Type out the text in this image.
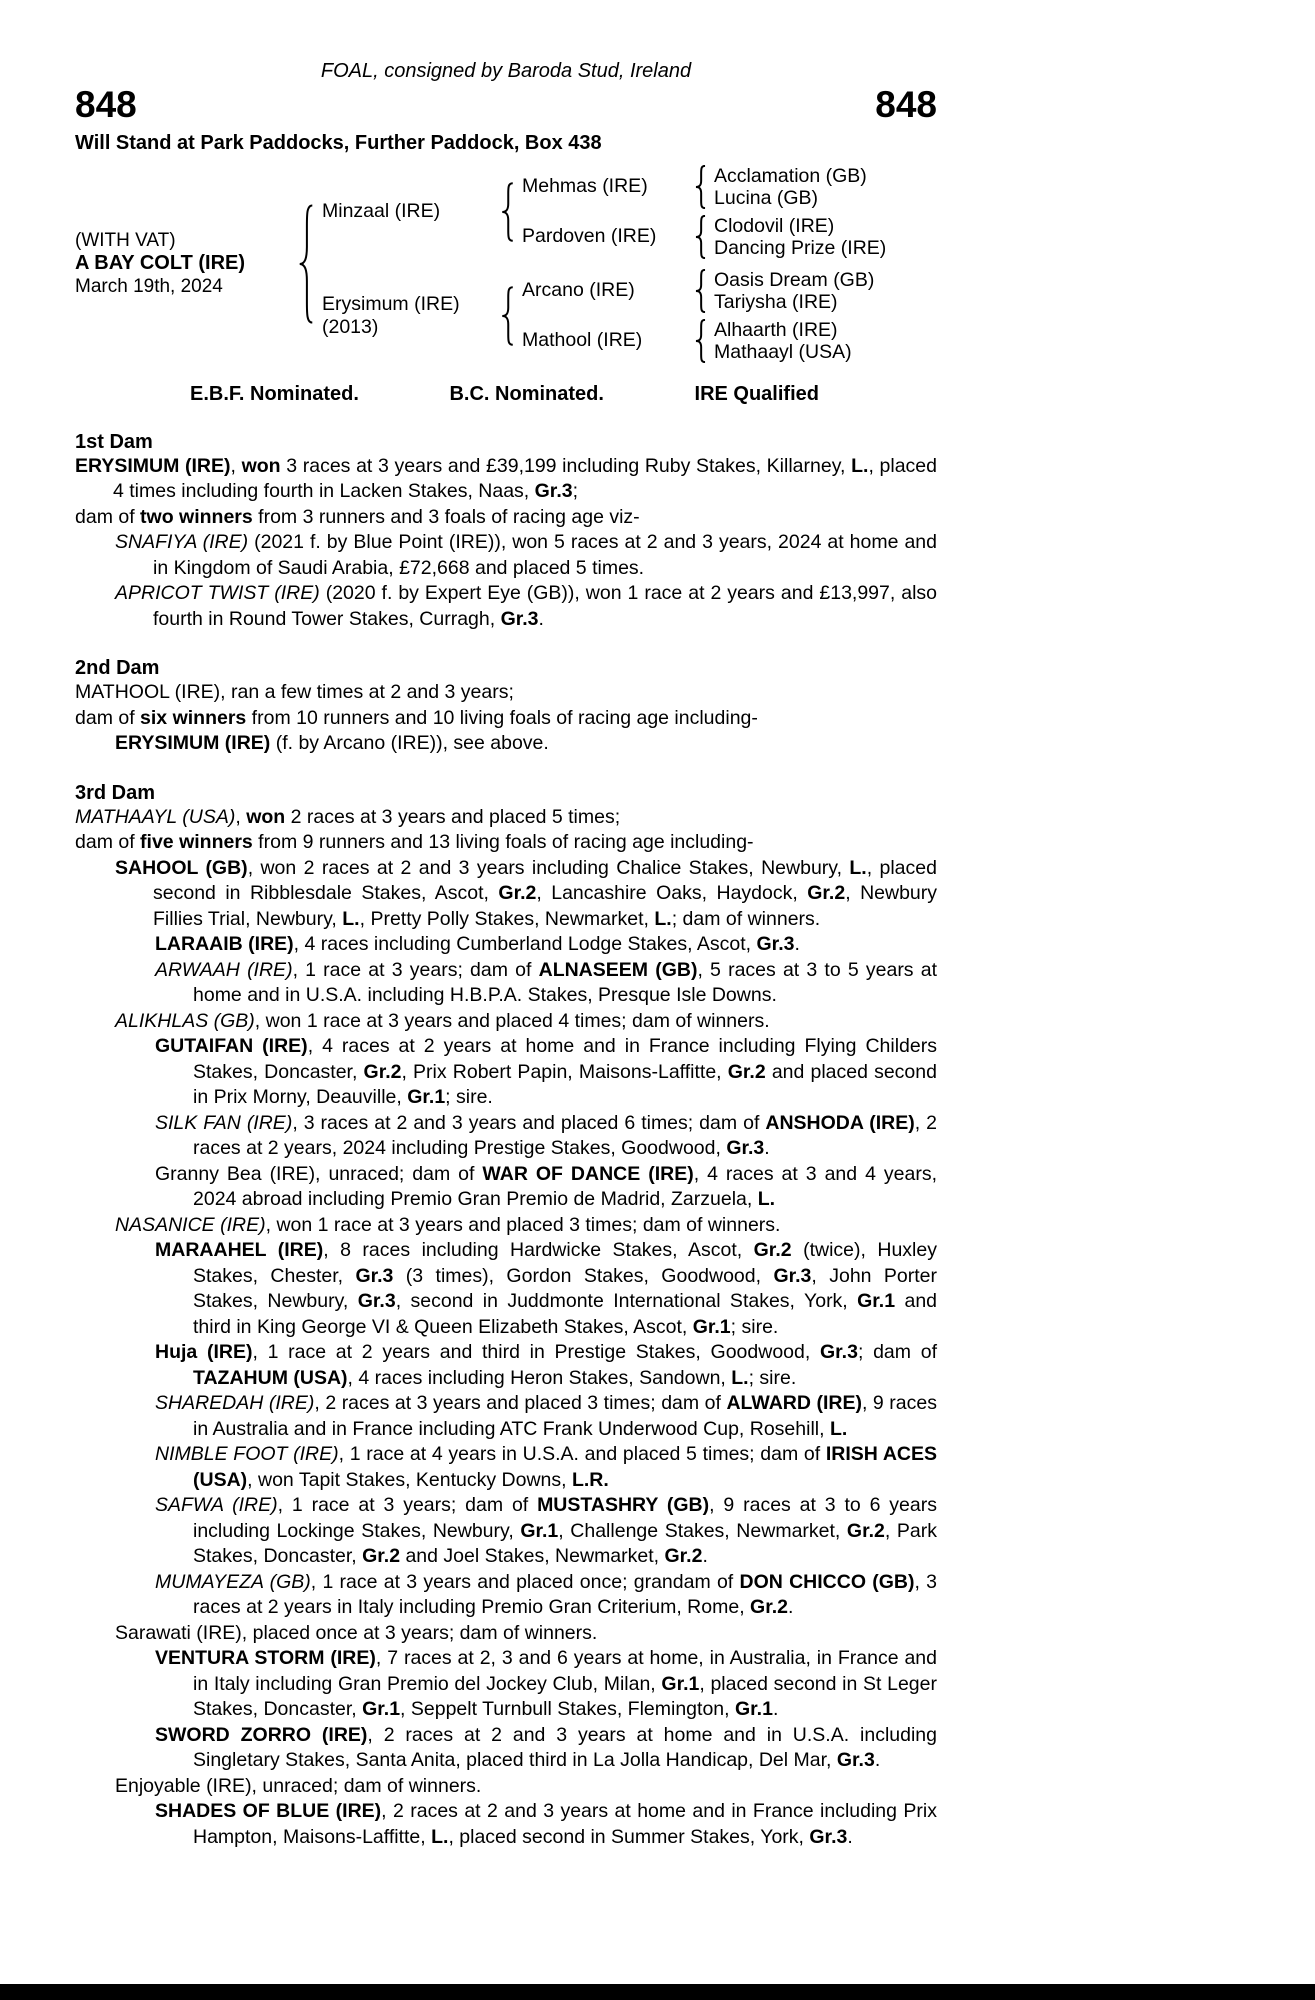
FOAL, consigned by Baroda Stud, Ireland
848	848
Will Stand at Park Paddocks, Further Paddock, Box 438
(WITH VAT)
A BAY COLT (IRE)
March 19th, 2024
Minzaal (IRE)
Mehmas (IRE)	Acclamation (GB)
Lucina (GB)
Pardoven (IRE)	Clodovil (IRE)
Dancing Prize (IRE)
Erysimum (IRE)
(2013)
Arcano (IRE)	Oasis Dream (GB)
Tariysha (IRE)
Mathool (IRE)	Alhaarth (IRE)
Mathaayl (USA)
E.B.F. Nominated.	B.C. Nominated.	IRE Qualified
1st Dam
ERYSIMUM (IRE), won 3 races at 3 years and £39,199 including Ruby Stakes, Killarney, L., placed 4 times including fourth in Lacken Stakes, Naas, Gr.3;
dam of two winners from 3 runners and 3 foals of racing age viz-
SNAFIYA (IRE) (2021 f. by Blue Point (IRE)), won 5 races at 2 and 3 years, 2024 at home and in Kingdom of Saudi Arabia, £72,668 and placed 5 times.
APRICOT TWIST (IRE) (2020 f. by Expert Eye (GB)), won 1 race at 2 years and £13,997, also fourth in Round Tower Stakes, Curragh, Gr.3.
2nd Dam
MATHOOL (IRE), ran a few times at 2 and 3 years;
dam of six winners from 10 runners and 10 living foals of racing age including-
ERYSIMUM (IRE) (f. by Arcano (IRE)), see above.
3rd Dam
MATHAAYL (USA), won 2 races at 3 years and placed 5 times;
dam of five winners from 9 runners and 13 living foals of racing age including-
SAHOOL (GB), won 2 races at 2 and 3 years including Chalice Stakes, Newbury, L., placed second in Ribblesdale Stakes, Ascot, Gr.2, Lancashire Oaks, Haydock, Gr.2, Newbury Fillies Trial, Newbury, L., Pretty Polly Stakes, Newmarket, L.; dam of winners.
LARAAIB (IRE), 4 races including Cumberland Lodge Stakes, Ascot, Gr.3.
ARWAAH (IRE), 1 race at 3 years; dam of ALNASEEM (GB), 5 races at 3 to 5 years at home and in U.S.A. including H.B.P.A. Stakes, Presque Isle Downs.
ALIKHLAS (GB), won 1 race at 3 years and placed 4 times; dam of winners.
GUTAIFAN (IRE), 4 races at 2 years at home and in France including Flying Childers Stakes, Doncaster, Gr.2, Prix Robert Papin, Maisons-Laffitte, Gr.2 and placed second in Prix Morny, Deauville, Gr.1; sire.
SILK FAN (IRE), 3 races at 2 and 3 years and placed 6 times; dam of ANSHODA (IRE), 2 races at 2 years, 2024 including Prestige Stakes, Goodwood, Gr.3.
Granny Bea (IRE), unraced; dam of WAR OF DANCE (IRE), 4 races at 3 and 4 years, 2024 abroad including Premio Gran Premio de Madrid, Zarzuela, L.
NASANICE (IRE), won 1 race at 3 years and placed 3 times; dam of winners.
MARAAHEL (IRE), 8 races including Hardwicke Stakes, Ascot, Gr.2 (twice), Huxley Stakes, Chester, Gr.3 (3 times), Gordon Stakes, Goodwood, Gr.3, John Porter Stakes, Newbury, Gr.3, second in Juddmonte International Stakes, York, Gr.1 and third in King George VI & Queen Elizabeth Stakes, Ascot, Gr.1; sire.
Huja (IRE), 1 race at 2 years and third in Prestige Stakes, Goodwood, Gr.3; dam of TAZAHUM (USA), 4 races including Heron Stakes, Sandown, L.; sire.
SHAREDAH (IRE), 2 races at 3 years and placed 3 times; dam of ALWARD (IRE), 9 races in Australia and in France including ATC Frank Underwood Cup, Rosehill, L.
NIMBLE FOOT (IRE), 1 race at 4 years in U.S.A. and placed 5 times; dam of IRISH ACES (USA), won Tapit Stakes, Kentucky Downs, L.R.
SAFWA (IRE), 1 race at 3 years; dam of MUSTASHRY (GB), 9 races at 3 to 6 years including Lockinge Stakes, Newbury, Gr.1, Challenge Stakes, Newmarket, Gr.2, Park Stakes, Doncaster, Gr.2 and Joel Stakes, Newmarket, Gr.2.
MUMAYEZA (GB), 1 race at 3 years and placed once; grandam of DON CHICCO (GB), 3 races at 2 years in Italy including Premio Gran Criterium, Rome, Gr.2.
Sarawati (IRE), placed once at 3 years; dam of winners.
VENTURA STORM (IRE), 7 races at 2, 3 and 6 years at home, in Australia, in France and in Italy including Gran Premio del Jockey Club, Milan, Gr.1, placed second in St Leger Stakes, Doncaster, Gr.1, Seppelt Turnbull Stakes, Flemington, Gr.1.
SWORD ZORRO (IRE), 2 races at 2 and 3 years at home and in U.S.A. including Singletary Stakes, Santa Anita, placed third in La Jolla Handicap, Del Mar, Gr.3.
Enjoyable (IRE), unraced; dam of winners.
SHADES OF BLUE (IRE), 2 races at 2 and 3 years at home and in France including Prix Hampton, Maisons-Laffitte, L., placed second in Summer Stakes, York, Gr.3.
